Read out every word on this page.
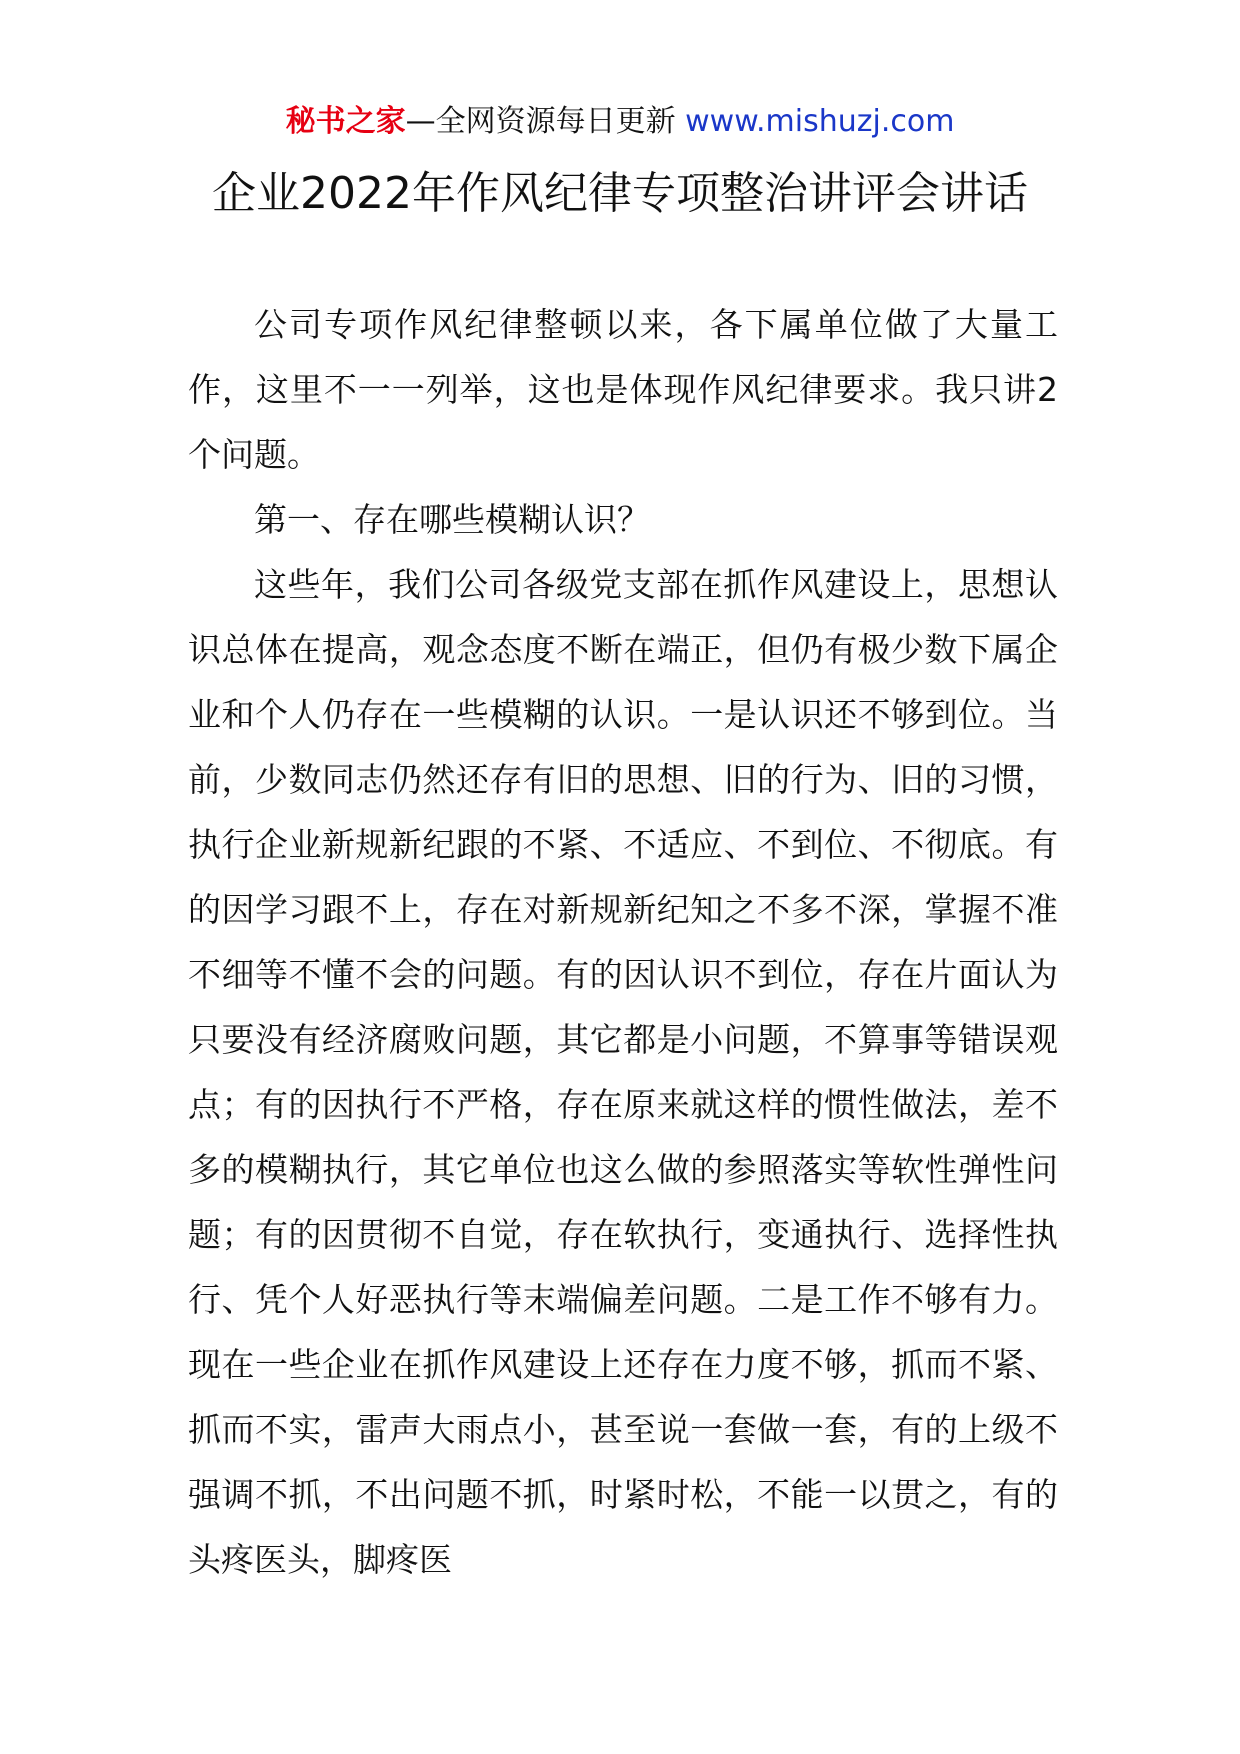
秘书之家—全网资源每日更新 www.mishuzj.com
企业2022年作风纪律专项整治讲评会讲话

公司专项作风纪律整顿以来，各下属单位做了大量工作，这里不一一列举，这也是体现作风纪律要求。我只讲2个问题。

第一、存在哪些模糊认识？

这些年，我们公司各级党支部在抓作风建设上，思想认识总体在提高，观念态度不断在端正，但仍有极少数下属企业和个人仍存在一些模糊的认识。一是认识还不够到位。当前，少数同志仍然还存有旧的思想、旧的行为、旧的习惯，执行企业新规新纪跟的不紧、不适应、不到位、不彻底。有的因学习跟不上，存在对新规新纪知之不多不深，掌握不准不细等不懂不会的问题。有的因认识不到位，存在片面认为只要没有经济腐败问题，其它都是小问题，不算事等错误观点；有的因执行不严格，存在原来就这样的惯性做法，差不多的模糊执行，其它单位也这么做的参照落实等软性弹性问题；有的因贯彻不自觉，存在软执行，变通执行、选择性执行、凭个人好恶执行等末端偏差问题。二是工作不够有力。现在一些企业在抓作风建设上还存在力度不够，抓而不紧、抓而不实，雷声大雨点小，甚至说一套做一套，有的上级不强调不抓，不出问题不抓，时紧时松，不能一以贯之，有的头疼医头，脚疼医
